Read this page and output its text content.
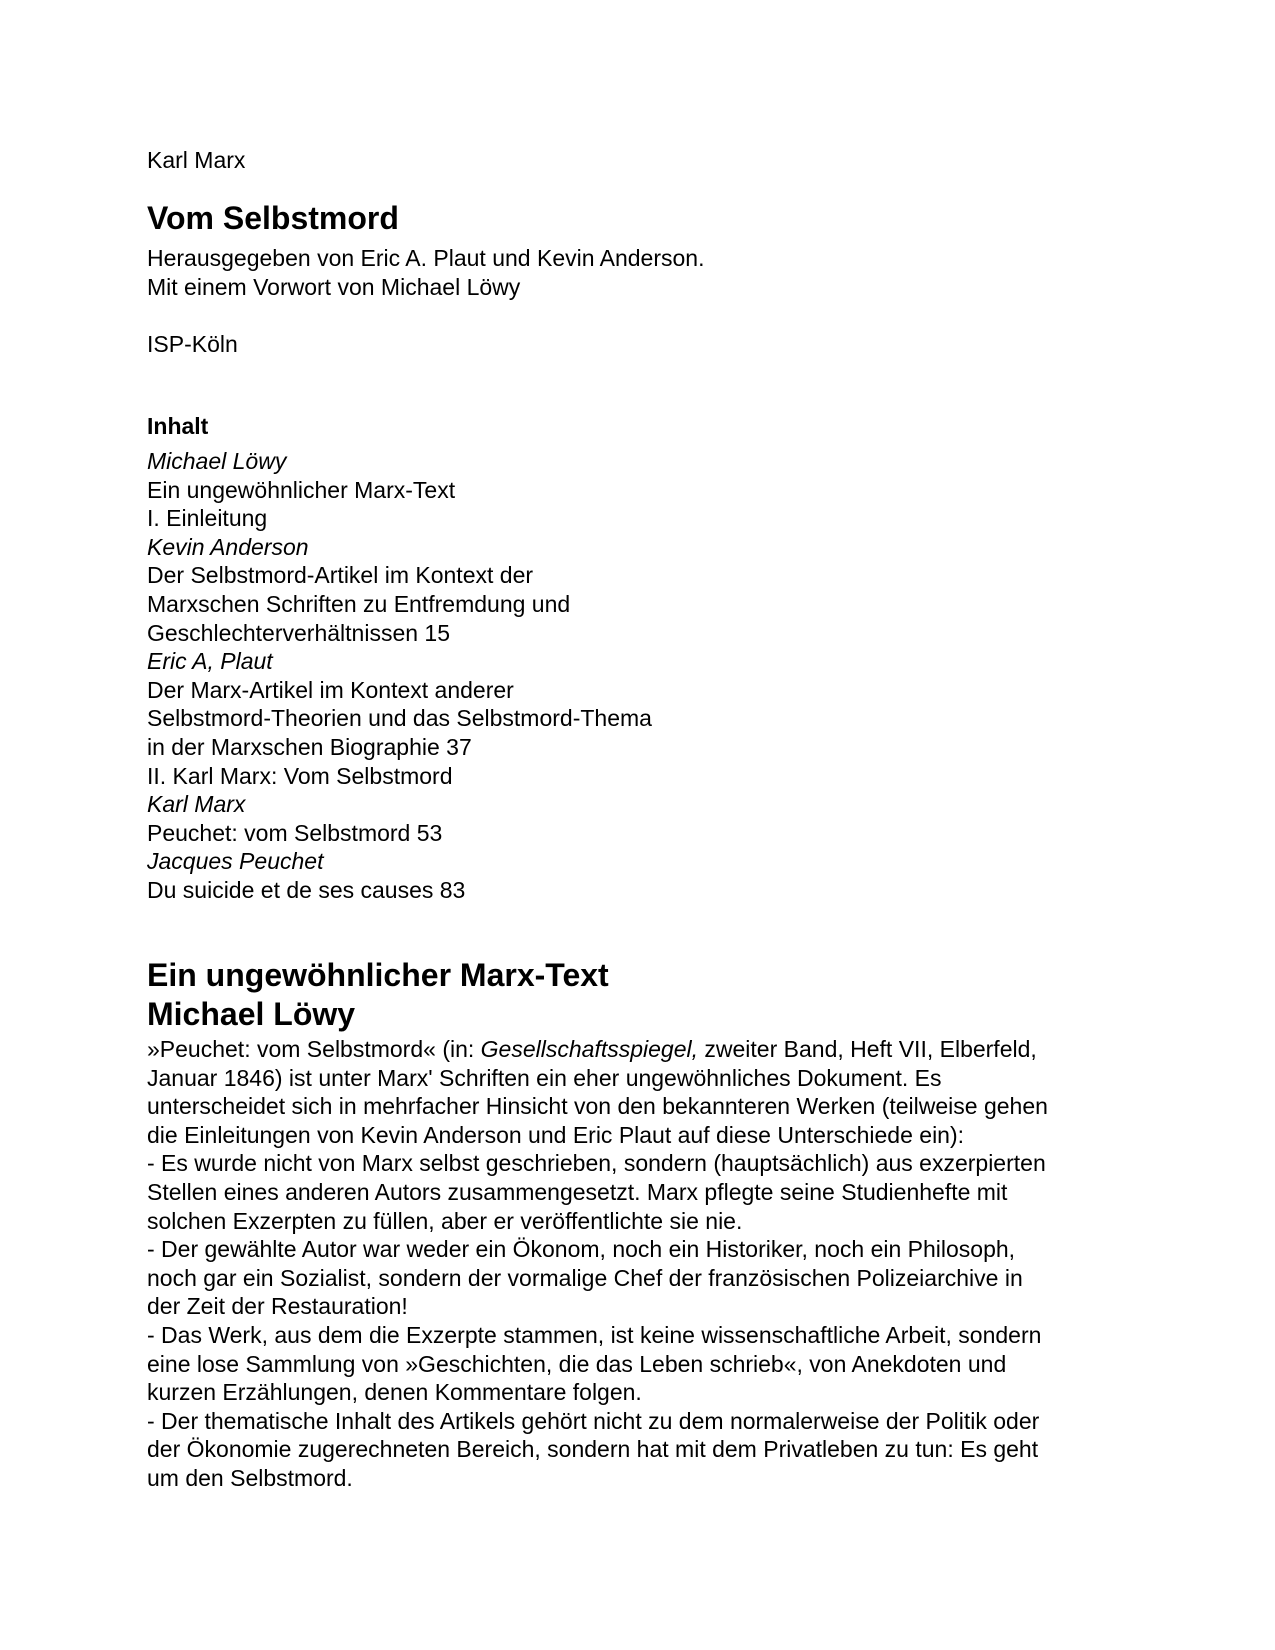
Karl Marx
Vom Selbstmord
Herausgegeben von Eric A. Plaut und Kevin Anderson.
Mit einem Vorwort von Michael Löwy
ISP-Köln
Inhalt
Michael Löwy
Ein ungewöhnlicher Marx-Text
I. Einleitung
Kevin Anderson
Der Selbstmord-Artikel im Kontext der
Marxschen Schriften zu Entfremdung und
Geschlechterverhältnissen 15
Eric A, Plaut
Der Marx-Artikel im Kontext anderer
Selbstmord-Theorien und das Selbstmord-Thema
in der Marxschen Biographie 37
II. Karl Marx: Vom Selbstmord
Karl Marx
Peuchet: vom Selbstmord 53
Jacques Peuchet
Du suicide et de ses causes 83
Ein ungewöhnlicher Marx-Text
Michael Löwy
»Peuchet: vom Selbstmord« (in: Gesellschaftsspiegel, zweiter Band, Heft VII, Elberfeld,
Januar 1846) ist unter Marx' Schriften ein eher ungewöhnliches Dokument. Es
unterscheidet sich in mehrfacher Hinsicht von den bekannteren Werken (teilweise gehen
die Einleitungen von Kevin Anderson und Eric Plaut auf diese Unterschiede ein):
- Es wurde nicht von Marx selbst geschrieben, sondern (hauptsächlich) aus exzerpierten
Stellen eines anderen Autors zusammengesetzt. Marx pflegte seine Studienhefte mit
solchen Exzerpten zu füllen, aber er veröffentlichte sie nie.
- Der gewählte Autor war weder ein Ökonom, noch ein Historiker, noch ein Philosoph,
noch gar ein Sozialist, sondern der vormalige Chef der französischen Polizeiarchive in
der Zeit der Restauration!
- Das Werk, aus dem die Exzerpte stammen, ist keine wissenschaftliche Arbeit, sondern
eine lose Sammlung von »Geschichten, die das Leben schrieb«, von Anekdoten und
kurzen Erzählungen, denen Kommentare folgen.
- Der thematische Inhalt des Artikels gehört nicht zu dem normalerweise der Politik oder
der Ökonomie zugerechneten Bereich, sondern hat mit dem Privatleben zu tun: Es geht
um den Selbstmord.
